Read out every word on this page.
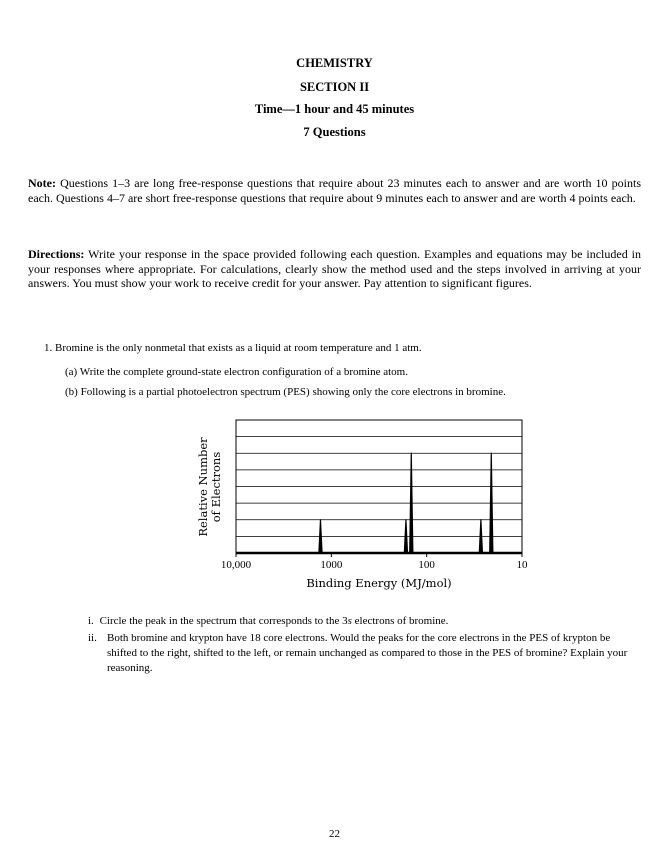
CHEMISTRY
SECTION II
Time—1 hour and 45 minutes
7 Questions
Note: Questions 1–3 are long free-response questions that require about 23 minutes each to answer and are worth 10 points each. Questions 4–7 are short free-response questions that require about 9 minutes each to answer and are worth 4 points each.
Directions: Write your response in the space provided following each question. Examples and equations may be included in your responses where appropriate. For calculations, clearly show the method used and the steps involved in arriving at your answers. You must show your work to receive credit for your answer. Pay attention to significant figures.
1. Bromine is the only nonmetal that exists as a liquid at room temperature and 1 atm.
(a) Write the complete ground-state electron configuration of a bromine atom.
(b) Following is a partial photoelectron spectrum (PES) showing only the core electrons in bromine.
10,000	1000	100	10
Binding Energy (MJ/mol)
Relative Number of Electrons
i. Circle the peak in the spectrum that corresponds to the 3s electrons of bromine.
ii. Both bromine and krypton have 18 core electrons. Would the peaks for the core electrons in the PES of krypton be shifted to the right, shifted to the left, or remain unchanged as compared to those in the PES of bromine? Explain your reasoning.
22
